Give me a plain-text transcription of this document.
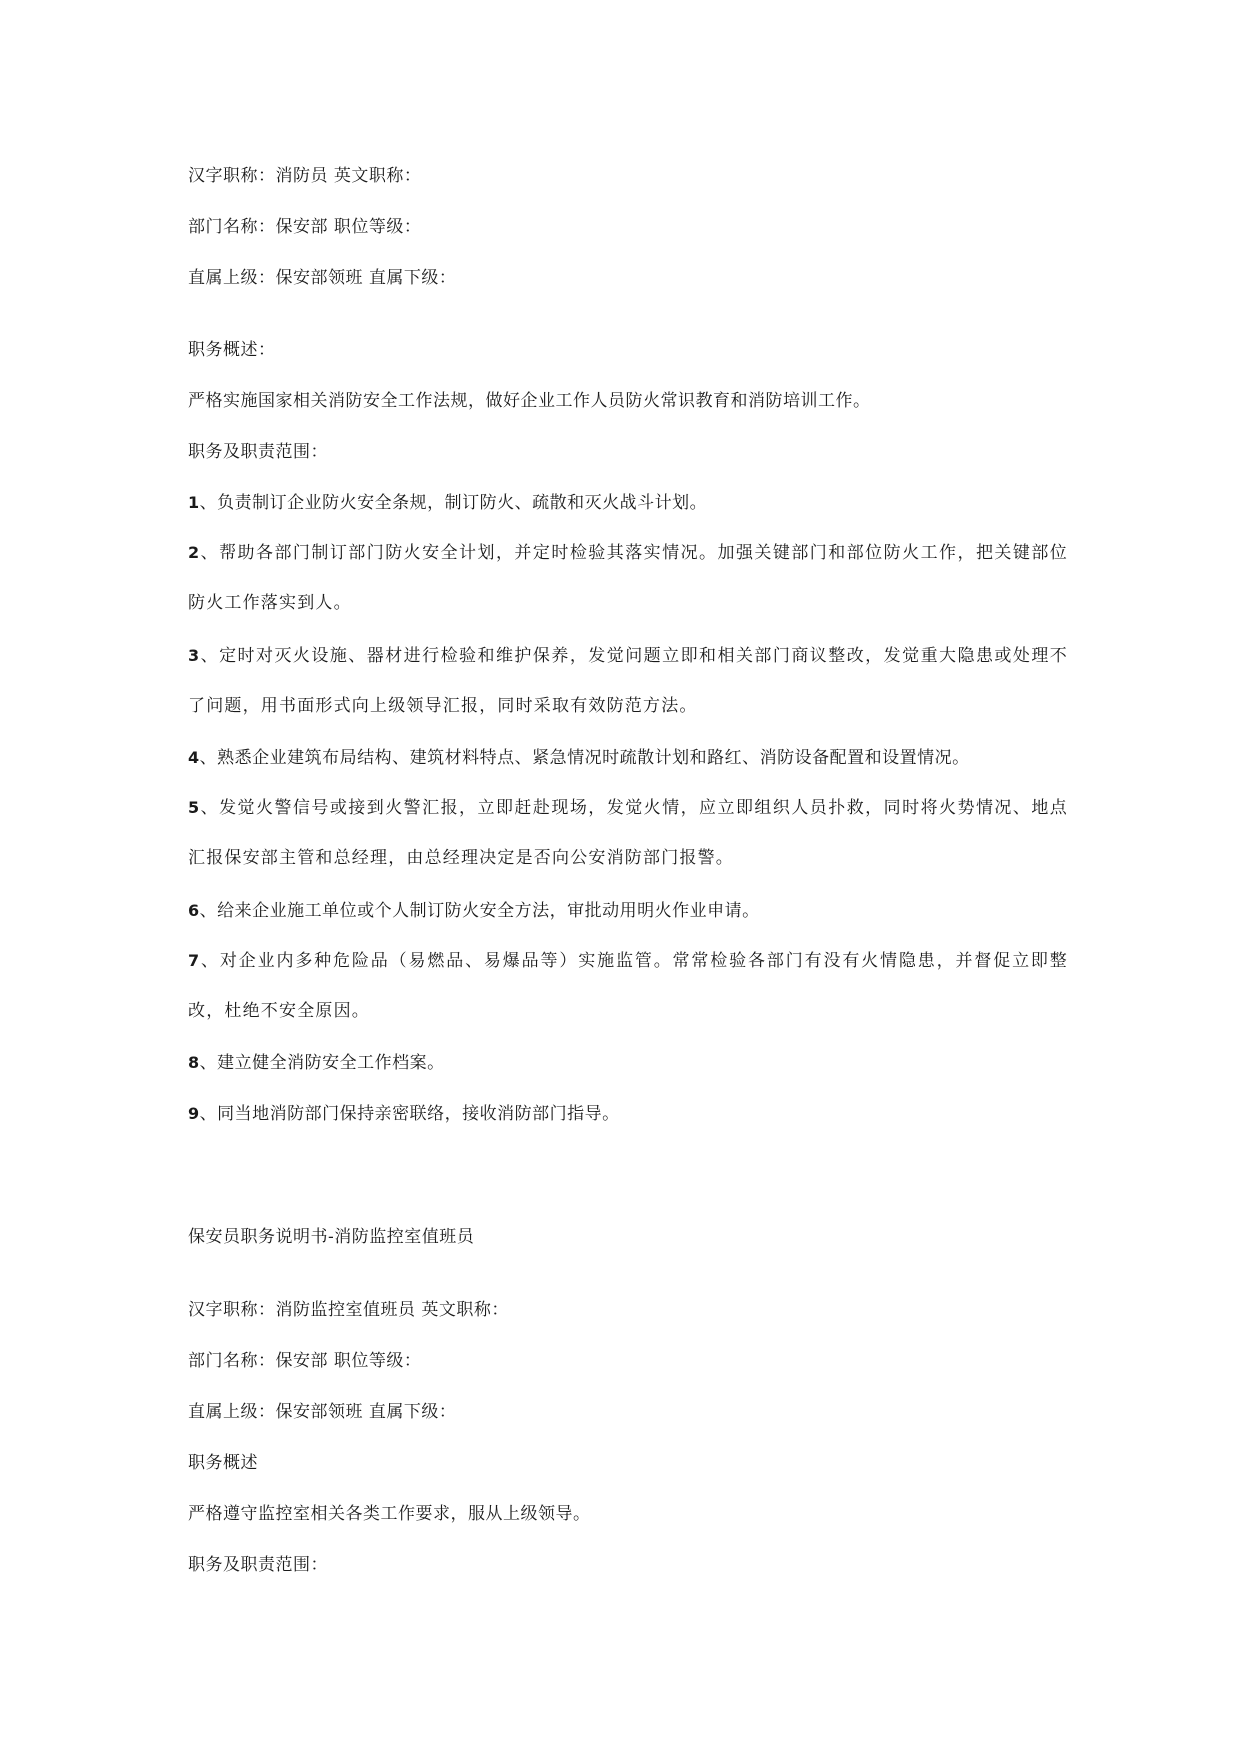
汉字职称：消防员 英文职称：
部门名称：保安部 职位等级：
直属上级：保安部领班 直属下级：
职务概述：
严格实施国家相关消防安全工作法规，做好企业工作人员防火常识教育和消防培训工作。
职务及职责范围：
1、负责制订企业防火安全条规，制订防火、疏散和灭火战斗计划。
2、帮助各部门制订部门防火安全计划，并定时检验其落实情况。加强关键部门和部位防火工作，把关键部位防火工作落实到人。
3、定时对灭火设施、器材进行检验和维护保养，发觉问题立即和相关部门商议整改，发觉重大隐患或处理不了问题，用书面形式向上级领导汇报，同时采取有效防范方法。
4、熟悉企业建筑布局结构、建筑材料特点、紧急情况时疏散计划和路红、消防设备配置和设置情况。
5、发觉火警信号或接到火警汇报，立即赶赴现场，发觉火情，应立即组织人员扑救，同时将火势情况、地点汇报保安部主管和总经理，由总经理决定是否向公安消防部门报警。
6、给来企业施工单位或个人制订防火安全方法，审批动用明火作业申请。
7、对企业内多种危险品（易燃品、易爆品等）实施监管。常常检验各部门有没有火情隐患，并督促立即整改，杜绝不安全原因。
8、建立健全消防安全工作档案。
9、同当地消防部门保持亲密联络，接收消防部门指导。
保安员职务说明书-消防监控室值班员
汉字职称：消防监控室值班员 英文职称：
部门名称：保安部 职位等级：
直属上级：保安部领班 直属下级：
职务概述
严格遵守监控室相关各类工作要求，服从上级领导。
职务及职责范围：
